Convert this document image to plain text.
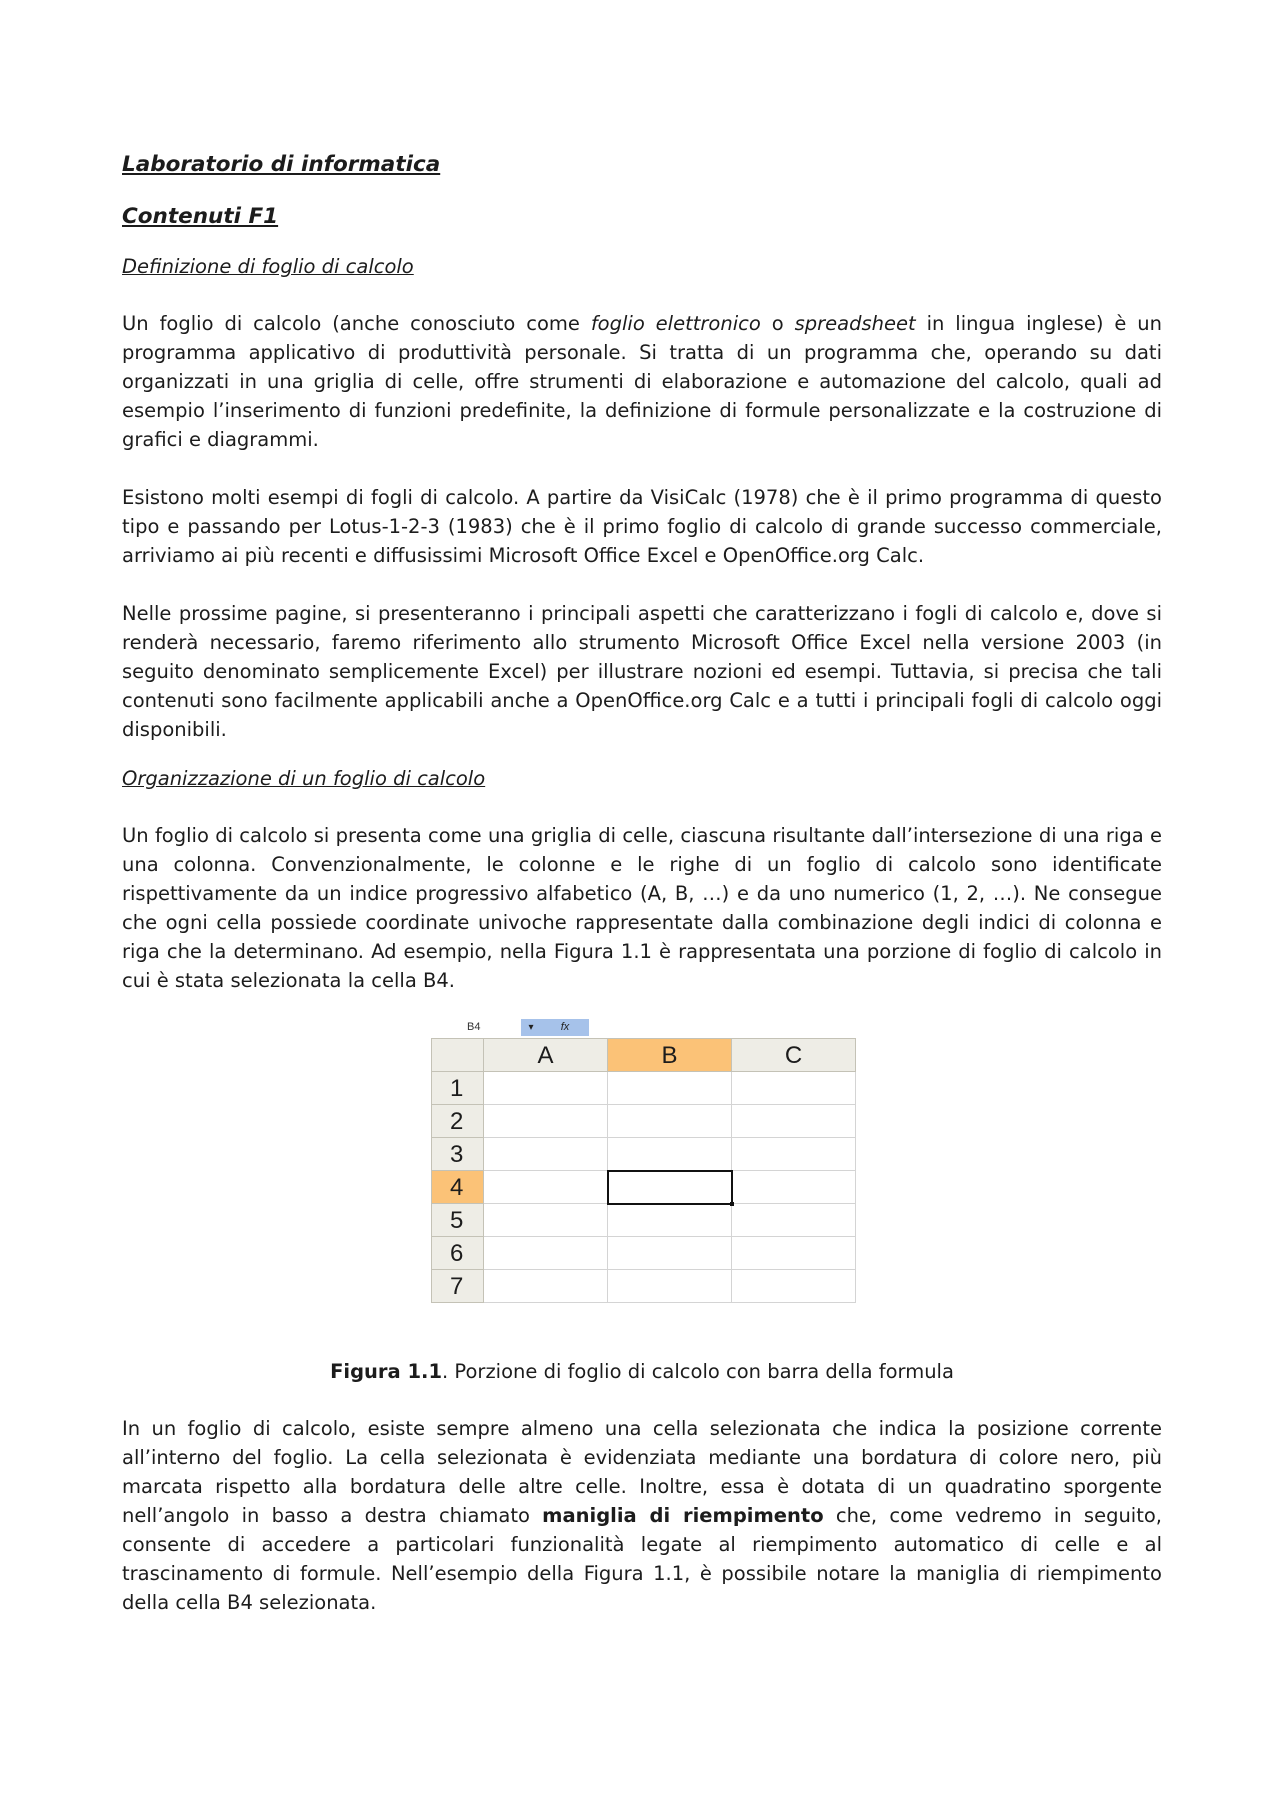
Laboratorio di informatica

Contenuti F1

Definizione di foglio di calcolo

Un foglio di calcolo (anche conosciuto come foglio elettronico o spreadsheet in lingua inglese) è un programma applicativo di produttività personale. Si tratta di un programma che, operando su dati organizzati in una griglia di celle, offre strumenti di elaborazione e automazione del calcolo, quali ad esempio l’inserimento di funzioni predefinite, la definizione di formule personalizzate e la costruzione di grafici e diagrammi.

Esistono molti esempi di fogli di calcolo. A partire da VisiCalc (1978) che è il primo programma di questo tipo e passando per Lotus-1-2-3 (1983) che è il primo foglio di calcolo di grande successo commerciale, arriviamo ai più recenti e diffusissimi Microsoft Office Excel e OpenOffice.org Calc.

Nelle prossime pagine, si presenteranno i principali aspetti che caratterizzano i fogli di calcolo e, dove si renderà necessario, faremo riferimento allo strumento Microsoft Office Excel nella versione 2003 (in seguito denominato semplicemente Excel) per illustrare nozioni ed esempi. Tuttavia, si precisa che tali contenuti sono facilmente applicabili anche a OpenOffice.org Calc e a tutti i principali fogli di calcolo oggi disponibili.

Organizzazione di un foglio di calcolo

Un foglio di calcolo si presenta come una griglia di celle, ciascuna risultante dall’intersezione di una riga e una colonna. Convenzionalmente, le colonne e le righe di un foglio di calcolo sono identificate rispettivamente da un indice progressivo alfabetico (A, B, …) e da uno numerico (1, 2, …). Ne consegue che ogni cella possiede coordinate univoche rappresentate dalla combinazione degli indici di colonna e riga che la determinano. Ad esempio, nella Figura 1.1 è rappresentata una porzione di foglio di calcolo in cui è stata selezionata la cella B4.

B4	▾	fx
	A	B	C
1			
2			
3			
4		

5			
6			
7			

Figura 1.1. Porzione di foglio di calcolo con barra della formula

In un foglio di calcolo, esiste sempre almeno una cella selezionata che indica la posizione corrente all’interno del foglio. La cella selezionata è evidenziata mediante una bordatura di colore nero, più marcata rispetto alla bordatura delle altre celle. Inoltre, essa è dotata di un quadratino sporgente nell’angolo in basso a destra chiamato maniglia di riempimento che, come vedremo in seguito, consente di accedere a particolari funzionalità legate al riempimento automatico di celle e al trascinamento di formule. Nell’esempio della Figura 1.1, è possibile notare la maniglia di riempimento della cella B4 selezionata.
